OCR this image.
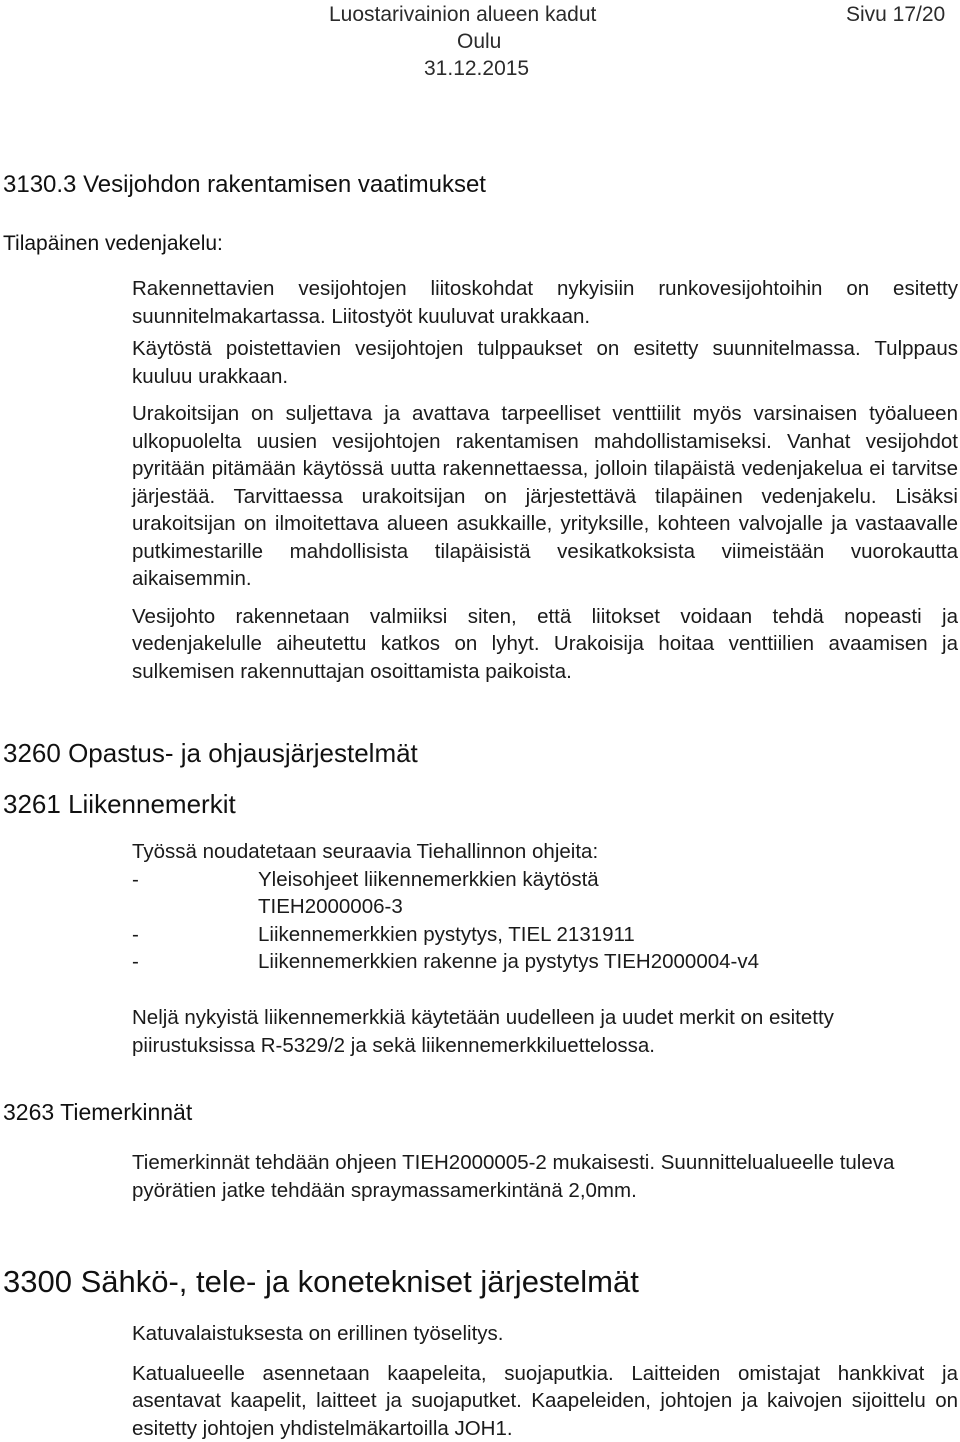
Luostarivainion alueen kadut
Oulu
31.12.2015
Sivu 17/20
3130.3 Vesijohdon rakentamisen vaatimukset
Tilapäinen vedenjakelu:

Rakennettavien vesijohtojen liitoskohdat nykyisiin runkovesijohtoihin on esitetty suunnitelmakartassa. Liitostyöt kuuluvat urakkaan.

Käytöstä poistettavien vesijohtojen tulppaukset on esitetty suunnitelmassa. Tulppaus kuuluu urakkaan.

Urakoitsijan on suljettava ja avattava tarpeelliset venttiilit myös varsinaisen työalueen ulkopuolelta uusien vesijohtojen rakentamisen mahdollistamiseksi. Vanhat vesijohdot pyritään pitämään käytössä uutta rakennettaessa, jolloin tilapäistä vedenjakelua ei tarvitse järjestää. Tarvittaessa urakoitsijan on järjestettävä tilapäinen vedenjakelu. Lisäksi urakoitsijan on ilmoitettava alueen asukkaille, yrityksille, kohteen valvojalle ja vastaavalle putkimestarille mahdollisista tilapäisistä vesikatkoksista viimeistään vuorokautta aikaisemmin.

Vesijohto rakennetaan valmiiksi siten, että liitokset voidaan tehdä nopeasti ja vedenjakelulle aiheutettu katkos on lyhyt. Urakoisija hoitaa venttiilien avaamisen ja sulkemisen rakennuttajan osoittamista paikoista.

3260 Opastus- ja ohjausjärjestelmät
3261 Liikennemerkit
Työssä noudatetaan seuraavia Tiehallinnon ohjeita:
-	Yleisohjeet liikennemerkkien käytöstä
TIEH2000006-3
-	Liikennemerkkien pystytys, TIEL 2131911
-	Liikennemerkkien rakenne ja pystytys TIEH2000004-v4

Neljä nykyistä liikennemerkkiä käytetään uudelleen ja uudet merkit on esitetty piirustuksissa R-5329/2 ja sekä liikennemerkkiluettelossa.

3263 Tiemerkinnät

Tiemerkinnät tehdään ohjeen TIEH2000005-2 mukaisesti. Suunnittelualueelle tuleva pyörätien jatke tehdään spraymassamerkintänä 2,0mm.

3300 Sähkö-, tele- ja konetekniset järjestelmät

Katuvalaistuksesta on erillinen työselitys.

Katualueelle asennetaan kaapeleita, suojaputkia. Laitteiden omistajat hankkivat ja asentavat kaapelit, laitteet ja suojaputket. Kaapeleiden, johtojen ja kaivojen sijoittelu on esitetty johtojen yhdistelmäkartoilla JOH1.
